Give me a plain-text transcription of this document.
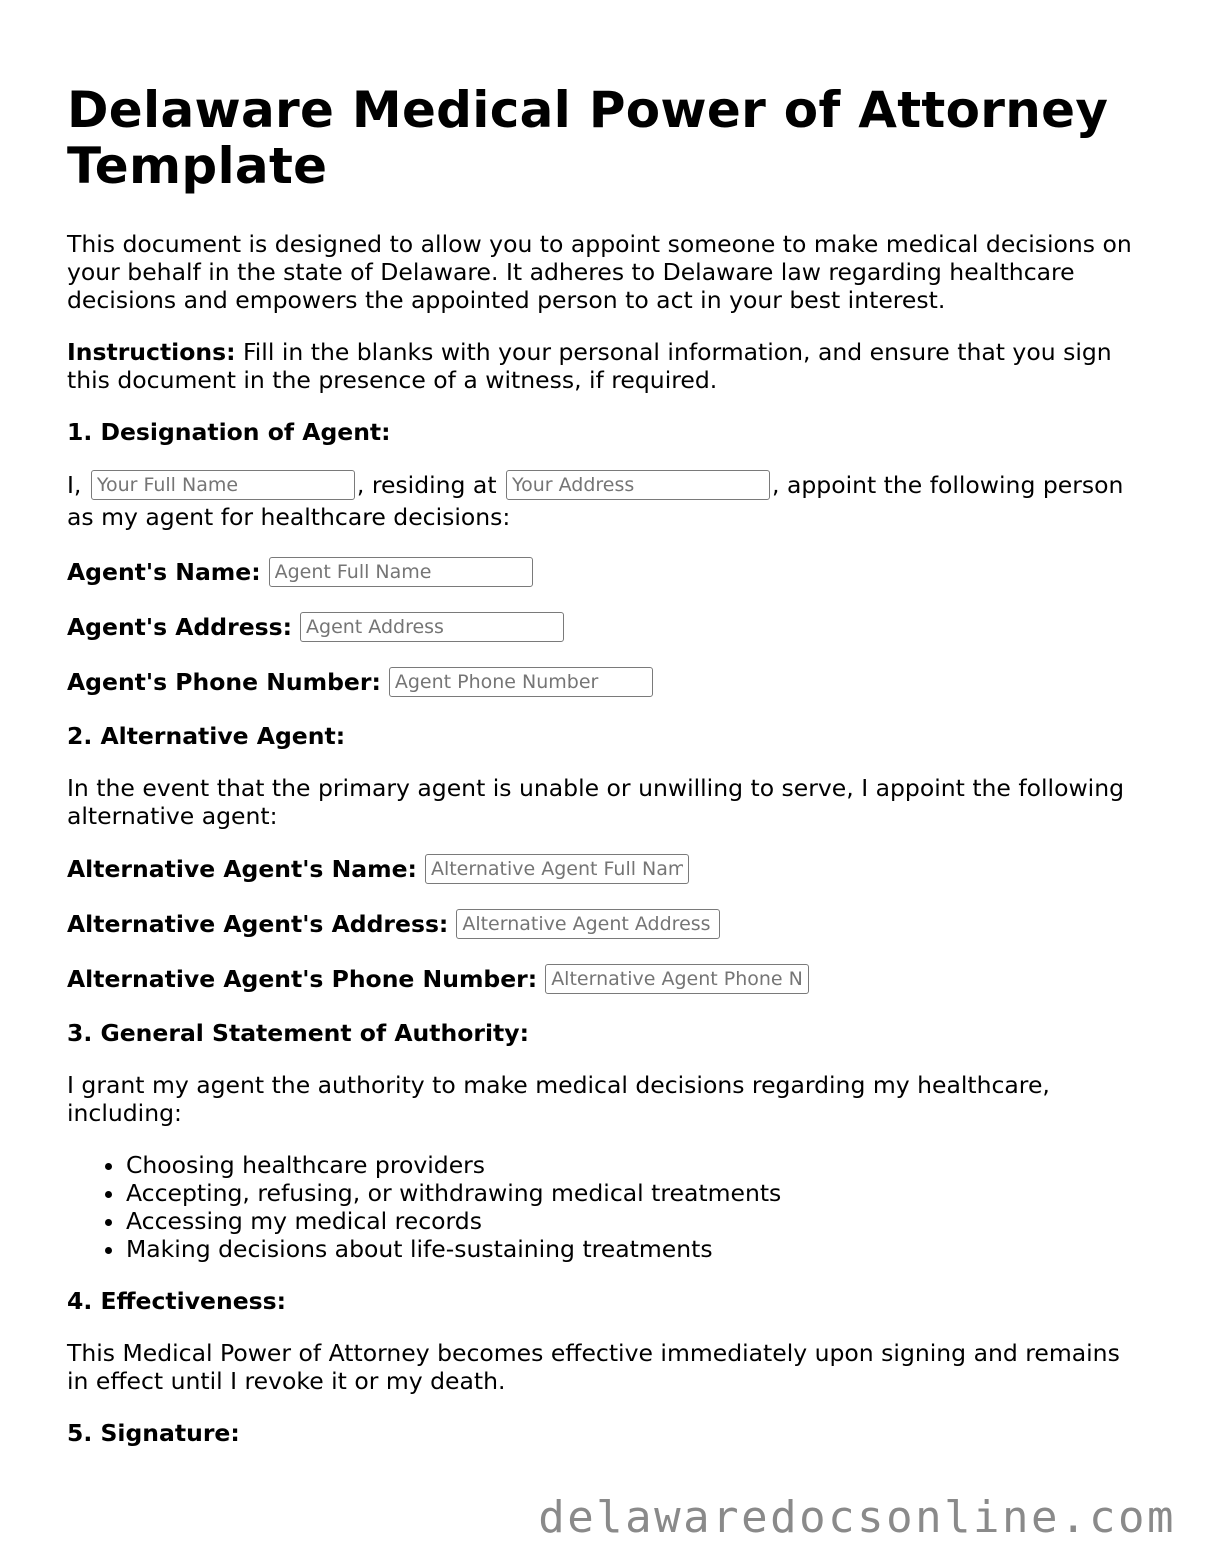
Delaware Medical Power of Attorney Template

This document is designed to allow you to appoint someone to make medical decisions on your behalf in the state of Delaware. It adheres to Delaware law regarding healthcare decisions and empowers the appointed person to act in your best interest.

Instructions: Fill in the blanks with your personal information, and ensure that you sign this document in the presence of a witness, if required.

1. Designation of Agent:

I, Your Full Name	, residing at Your Address	, appoint the following person as my agent for healthcare decisions:

Agent's Name:
Agent Full Name
Agent's Address:
Agent Address
Agent's Phone Number:
Agent Phone Number
2. Alternative Agent:

In the event that the primary agent is unable or unwilling to serve, I appoint the following alternative agent:

Alternative Agent's Name:
Alternative Agent Full Name
Alternative Agent's Address:
Alternative Agent Address
Alternative Agent's Phone Number:
Alternative Agent Phone Number
3. General Statement of Authority:

I grant my agent the authority to make medical decisions regarding my healthcare, including:

• Choosing healthcare providers
• Accepting, refusing, or withdrawing medical treatments
• Accessing my medical records
• Making decisions about life-sustaining treatments
4. Effectiveness:

This Medical Power of Attorney becomes effective immediately upon signing and remains in effect until I revoke it or my death.

5. Signature:
delawaredocsonline.com
